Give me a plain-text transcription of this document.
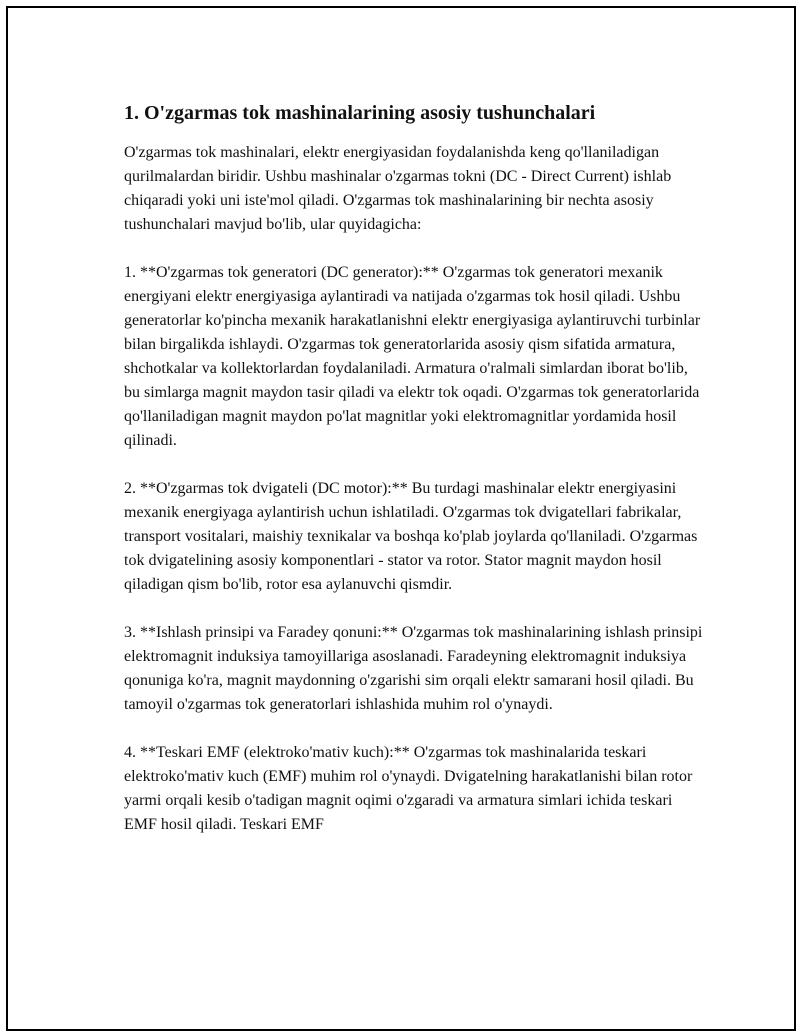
1. O'zgarmas tok mashinalarining asosiy tushunchalari

O'zgarmas tok mashinalari, elektr energiyasidan foydalanishda keng qo'llaniladigan qurilmalardan biridir. Ushbu mashinalar o'zgarmas tokni (DC - Direct Current) ishlab chiqaradi yoki uni iste'mol qiladi. O'zgarmas tok mashinalarining bir nechta asosiy tushunchalari mavjud bo'lib, ular quyidagicha:

1. **O'zgarmas tok generatori (DC generator):** O'zgarmas tok generatori mexanik energiyani elektr energiyasiga aylantiradi va natijada o'zgarmas tok hosil qiladi. Ushbu generatorlar ko'pincha mexanik harakatlanishni elektr energiyasiga aylantiruvchi turbinlar bilan birgalikda ishlaydi. O'zgarmas tok generatorlarida asosiy qism sifatida armatura, shchotkalar va kollektorlardan foydalaniladi. Armatura o'ralmali simlardan iborat bo'lib, bu simlarga magnit maydon tasir qiladi va elektr tok oqadi. O'zgarmas tok generatorlarida qo'llaniladigan magnit maydon po'lat magnitlar yoki elektromagnitlar yordamida hosil qilinadi.

2. **O'zgarmas tok dvigateli (DC motor):** Bu turdagi mashinalar elektr energiyasini mexanik energiyaga aylantirish uchun ishlatiladi. O'zgarmas tok dvigatellari fabrikalar, transport vositalari, maishiy texnikalar va boshqa ko'plab joylarda qo'llaniladi. O'zgarmas tok dvigatelining asosiy komponentlari - stator va rotor. Stator magnit maydon hosil qiladigan qism bo'lib, rotor esa aylanuvchi qismdir.

3. **Ishlash prinsipi va Faradey qonuni:** O'zgarmas tok mashinalarining ishlash prinsipi elektromagnit induksiya tamoyillariga asoslanadi. Faradeyning elektromagnit induksiya qonuniga ko'ra, magnit maydonning o'zgarishi sim orqali elektr samarani hosil qiladi. Bu tamoyil o'zgarmas tok generatorlari ishlashida muhim rol o'ynaydi.

4. **Teskari EMF (elektroko'mativ kuch):** O'zgarmas tok mashinalarida teskari elektroko'mativ kuch (EMF) muhim rol o'ynaydi. Dvigatelning harakatlanishi bilan rotor yarmi orqali kesib o'tadigan magnit oqimi o'zgaradi va armatura simlari ichida teskari EMF hosil qiladi. Teskari EMF
